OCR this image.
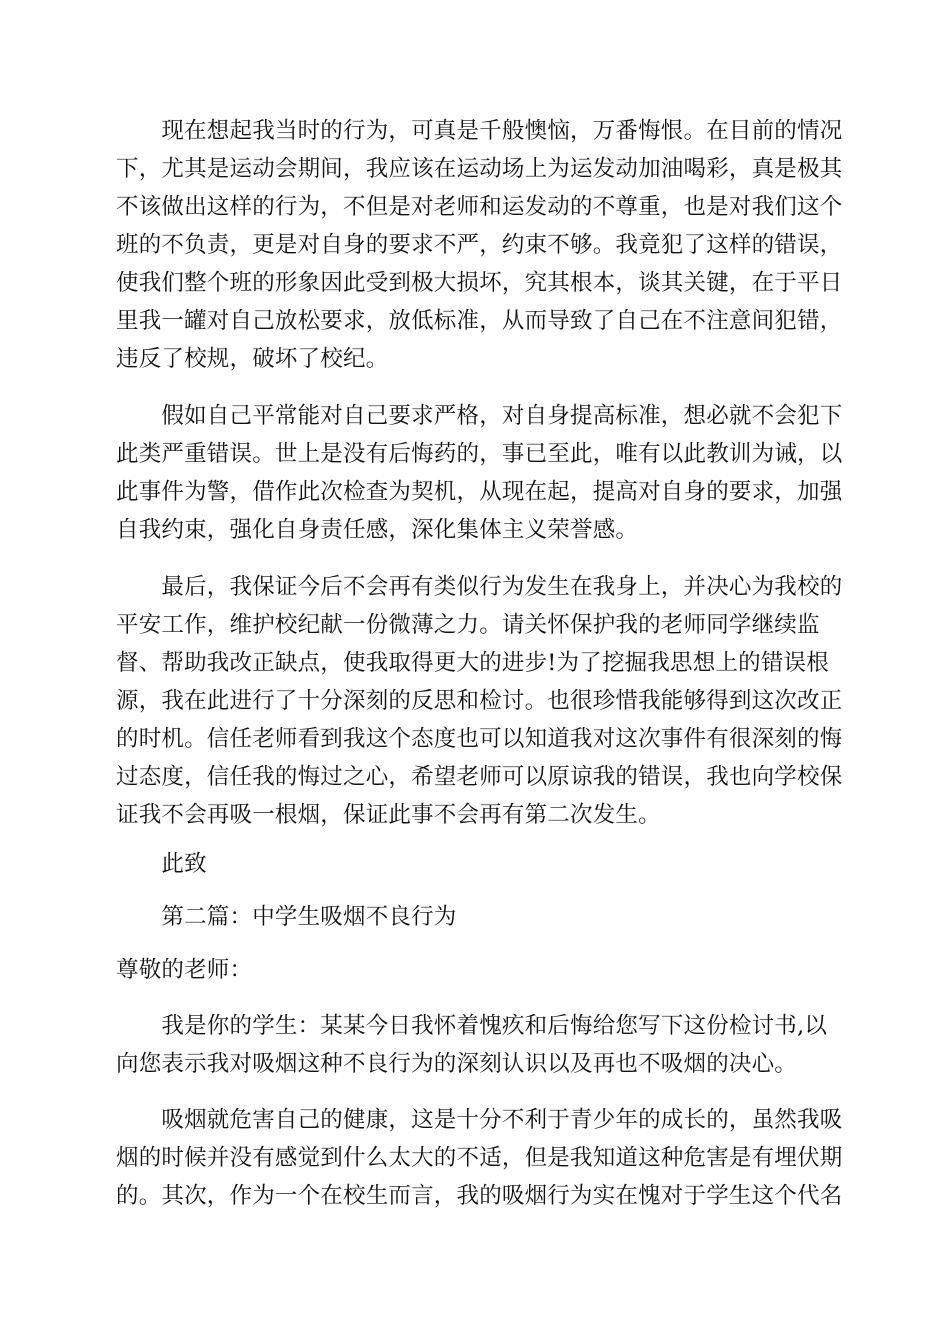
　　现在想起我当时的行为，可真是千般懊恼，万番悔恨。在目前的情况
下，尤其是运动会期间，我应该在运动场上为运发动加油喝彩，真是极其
不该做出这样的行为，不但是对老师和运发动的不尊重，也是对我们这个
班的不负责，更是对自身的要求不严，约束不够。我竟犯了这样的错误，
使我们整个班的形象因此受到极大损坏，究其根本，谈其关键，在于平日
里我一罐对自己放松要求，放低标准，从而导致了自己在不注意间犯错，
违反了校规，破坏了校纪。
　　假如自己平常能对自己要求严格，对自身提高标准，想必就不会犯下
此类严重错误。世上是没有后悔药的，事已至此，唯有以此教训为诫，以
此事件为警，借作此次检查为契机，从现在起，提高对自身的要求，加强
自我约束，强化自身责任感，深化集体主义荣誉感。
　　最后，我保证今后不会再有类似行为发生在我身上，并决心为我校的
平安工作，维护校纪献一份微薄之力。请关怀保护我的老师同学继续监
督、帮助我改正缺点，使我取得更大的进步!为了挖掘我思想上的错误根
源，我在此进行了十分深刻的反思和检讨。也很珍惜我能够得到这次改正
的时机。信任老师看到我这个态度也可以知道我对这次事件有很深刻的悔
过态度，信任我的悔过之心，希望老师可以原谅我的错误，我也向学校保
证我不会再吸一根烟，保证此事不会再有第二次发生。
　　此致
　　第二篇：中学生吸烟不良行为
尊敬的老师：
　　我是你的学生：某某今日我怀着愧疚和后悔给您写下这份检讨书,以
向您表示我对吸烟这种不良行为的深刻认识以及再也不吸烟的决心。
　　吸烟就危害自己的健康，这是十分不利于青少年的成长的，虽然我吸
烟的时候并没有感觉到什么太大的不适，但是我知道这种危害是有埋伏期
的。其次，作为一个在校生而言，我的吸烟行为实在愧对于学生这个代名
